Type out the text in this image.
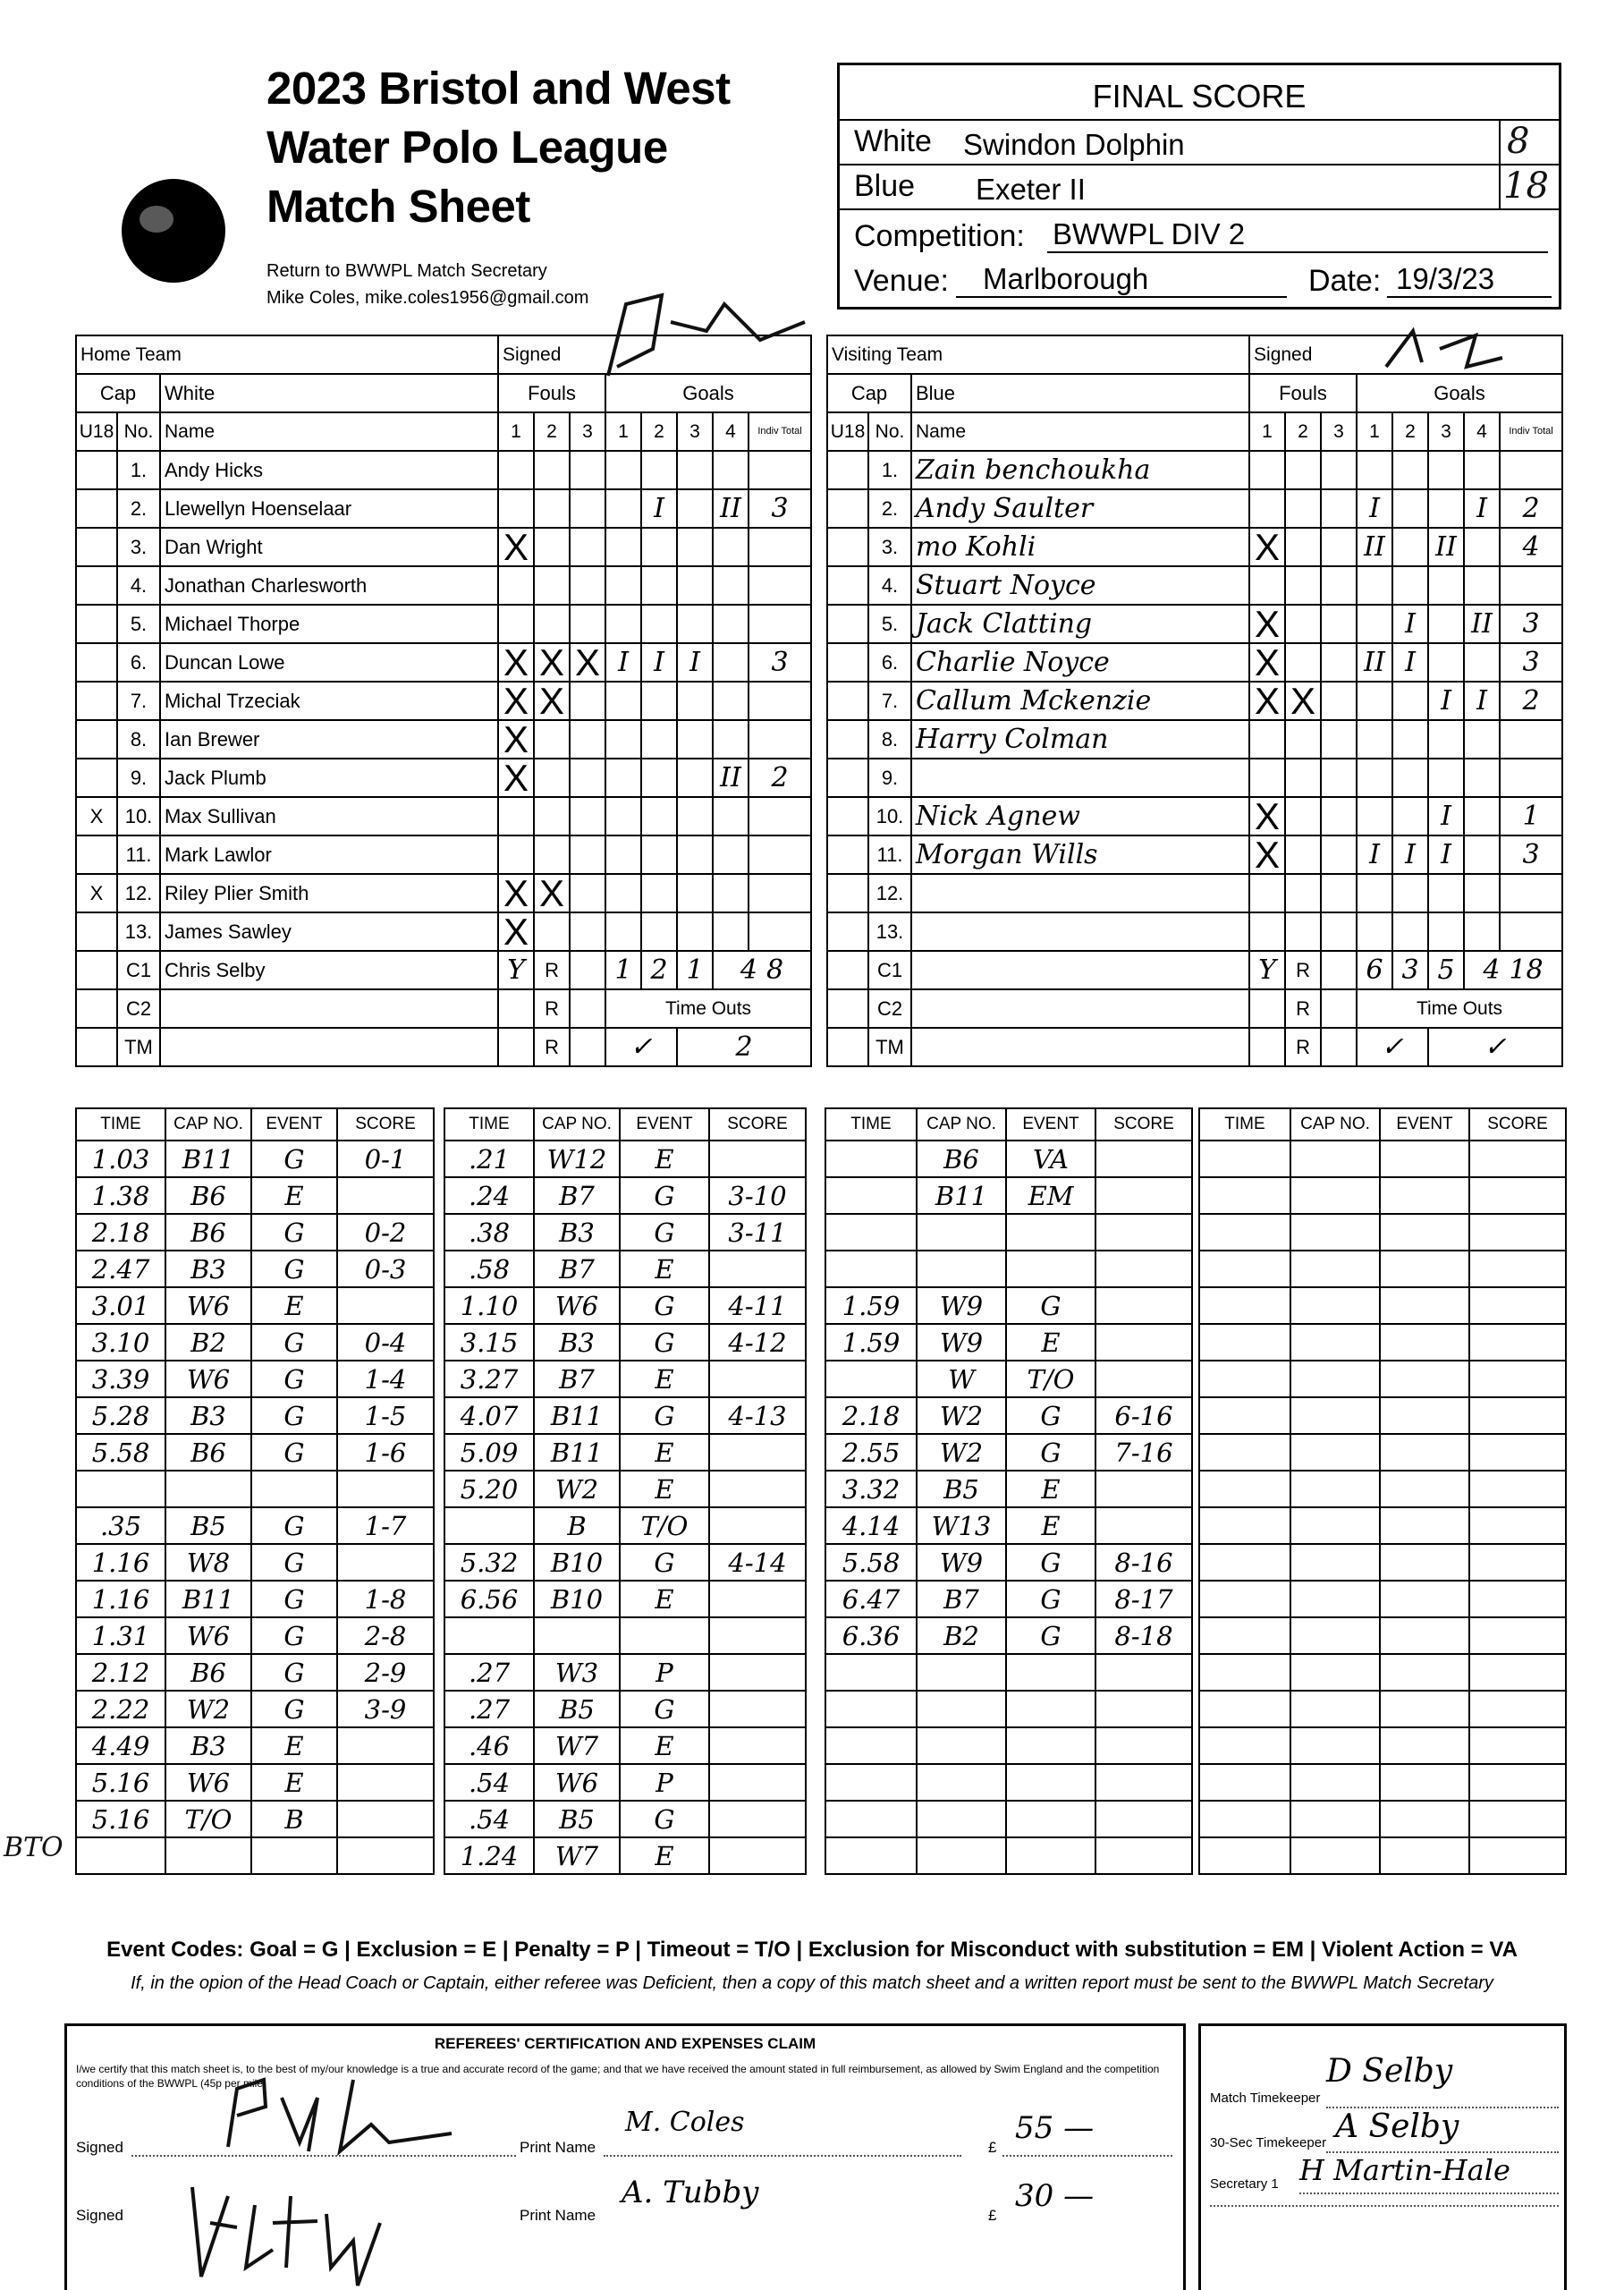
2023 Bristol and West
Water Polo League
Match Sheet
Return to BWWPL Match Secretary
Mike Coles, mike.coles1956@gmail.com
FINAL SCORE
White Swindon Dolphin	8
Blue Exeter II	18
Competition: BWWPL DIV 2
Venue: Marlborough	Date: 19/3/23
Home Team			Signed							
Cap		White	Fouls			Goals				
U18	No.	Name	1	2	3	1	2	3	4	Indiv Total
	1.	Andy Hicks								
	2.	Llewellyn Hoenselaar					I		II	3
	3.	Dan Wright	X							
	4.	Jonathan Charlesworth								
	5.	Michael Thorpe								
	6.	Duncan Lowe	X	X	X	I	I	I		3
	7.	Michal Trzeciak	X	X						
	8.	Ian Brewer	X							
	9.	Jack Plumb	X						II	2
X	10.	Max Sullivan								
	11.	Mark Lawlor								
X	12.	Riley Plier Smith	X	X						
	13.	James Sawley	X							
	C1	Chris Selby	Y	R		1	2	1	4 8	
	C2			R		Time Outs				
	TM			R		✓		2		
Visiting Team			Signed							
Cap		Blue	Fouls			Goals				
U18	No.	Name	1	2	3	1	2	3	4	Indiv Total
	1.	Zain benchoukha								
	2.	Andy Saulter				I			I	2
	3.	mo Kohli	X			II		II		4
	4.	Stuart Noyce								
	5.	Jack Clatting	X				I		II	3
	6.	Charlie Noyce	X			II	I			3
	7.	Callum Mckenzie	X	X				I	I	2
	8.	Harry Colman								
	9.									
	10.	Nick Agnew	X					I		1
	11.	Morgan Wills	X			I	I	I		3
	12.									
	13.									
	C1		Y	R		6	3	5	4 18	
	C2			R		Time Outs				
	TM			R		✓		✓		
TIME	CAP NO.	EVENT	SCORE
1.03	B11	G	0-1
1.38	B6	E	
2.18	B6	G	0-2
2.47	B3	G	0-3
3.01	W6	E	
3.10	B2	G	0-4
3.39	W6	G	1-4
5.28	B3	G	1-5
5.58	B6	G	1-6

.35	B5	G	1-7
1.16	W8	G	
1.16	B11	G	1-8
1.31	W6	G	2-8
2.12	B6	G	2-9
2.22	W2	G	3-9
4.49	B3	E	
5.16	W6	E	
5.16	T/O	B	

TIME	CAP NO.	EVENT	SCORE
.21	W12	E	
.24	B7	G	3-10
.38	B3	G	3-11
.58	B7	E	
1.10	W6	G	4-11
3.15	B3	G	4-12
3.27	B7	E	
4.07	B11	G	4-13
5.09	B11	E	
5.20	W2	E	
	B	T/O	
5.32	B10	G	4-14
6.56	B10	E	

.27	W3	P	
.27	B5	G	
.46	W7	E	
.54	W6	P	
.54	B5	G	
1.24	W7	E	
TIME	CAP NO.	EVENT	SCORE
	B6	VA	
	B11	EM	

1.59	W9	G	
1.59	W9	E	
	W	T/O	
2.18	W2	G	6-16
2.55	W2	G	7-16
3.32	B5	E	
4.14	W13	E	
5.58	W9	G	8-16
6.47	B7	G	8-17
6.36	B2	G	8-18

TIME	CAP NO.	EVENT	SCORE

BTO
Event Codes: Goal = G | Exclusion = E | Penalty = P | Timeout = T/O | Exclusion for Misconduct with substitution = EM | Violent Action = VA
If, in the opion of the Head Coach or Captain, either referee was Deficient, then a copy of this match sheet and a written report must be sent to the BWWPL Match Secretary
REFEREES' CERTIFICATION AND EXPENSES CLAIM
I/we certify that this match sheet is, to the best of my/our knowledge is a true and accurate record of the game; and that we have received the amount stated in full reimbursement, as allowed by Swim England and the competition conditions of the BWWPL (45p per mile)
Signed	Print Name
M. Coles
£
55 —
Signed	Print Name
A. Tubby
£
30 —
Match Timekeeper
D Selby
30-Sec Timekeeper A Selby
Secretary 1 H Martin-Hale
